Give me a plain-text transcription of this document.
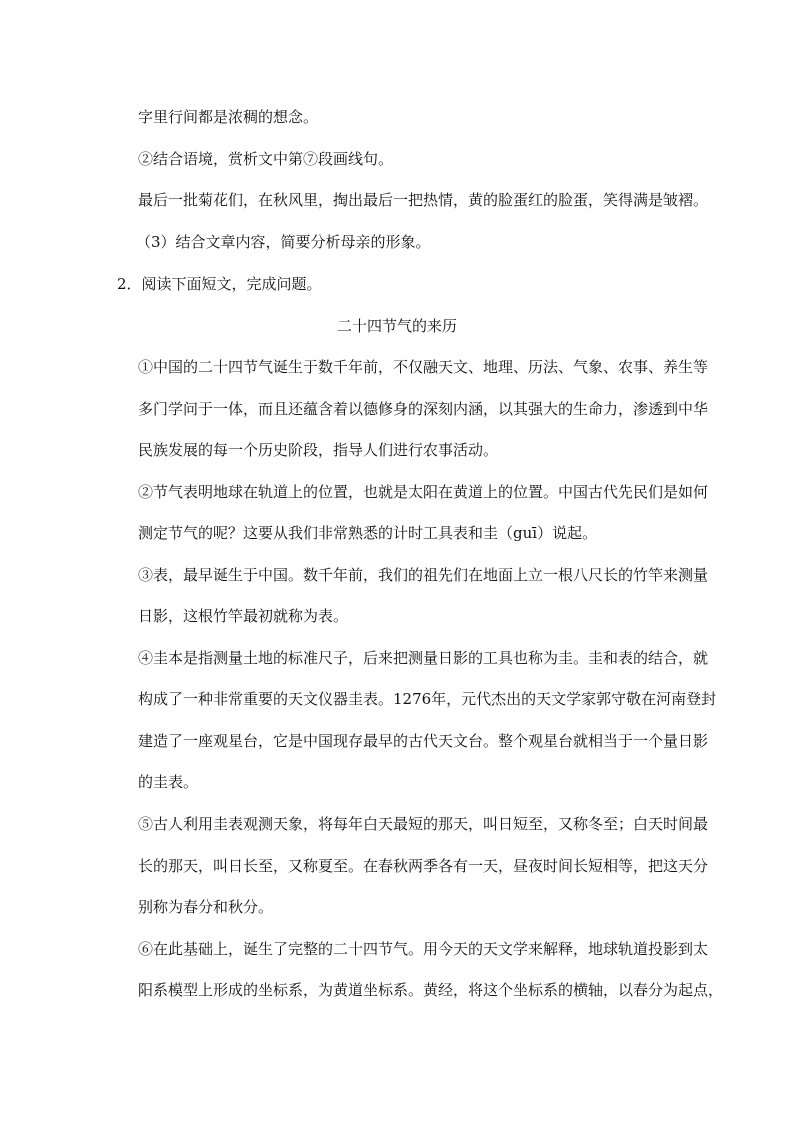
字里行间都是浓稠的想念。
②结合语境，赏析文中第⑦段画线句。
最后一批菊花们，在秋风里，掏出最后一把热情，黄的脸蛋红的脸蛋，笑得满是皱褶。
（3）结合文章内容，简要分析母亲的形象。
2．阅读下面短文，完成问题。
二十四节气的来历
①中国的二十四节气诞生于数千年前，不仅融天文、地理、历法、气象、农事、养生等
多门学问于一体，而且还蕴含着以德修身的深刻内涵，以其强大的生命力，渗透到中华
民族发展的每一个历史阶段，指导人们进行农事活动。
②节气表明地球在轨道上的位置，也就是太阳在黄道上的位置。中国古代先民们是如何
测定节气的呢？这要从我们非常熟悉的计时工具表和圭（guī）说起。
③表，最早诞生于中国。数千年前，我们的祖先们在地面上立一根八尺长的竹竿来测量
日影，这根竹竿最初就称为表。
④圭本是指测量土地的标准尺子，后来把测量日影的工具也称为圭。圭和表的结合，就
构成了一种非常重要的天文仪器圭表。1276年，元代杰出的天文学家郭守敬在河南登封
建造了一座观星台，它是中国现存最早的古代天文台。整个观星台就相当于一个量日影
的圭表。
⑤古人利用圭表观测天象，将每年白天最短的那天，叫日短至，又称冬至；白天时间最
长的那天，叫日长至，又称夏至。在春秋两季各有一天，昼夜时间长短相等，把这天分
别称为春分和秋分。
⑥在此基础上，诞生了完整的二十四节气。用今天的天文学来解释，地球轨道投影到太
阳系模型上形成的坐标系，为黄道坐标系。黄经，将这个坐标系的横轴，以春分为起点，
